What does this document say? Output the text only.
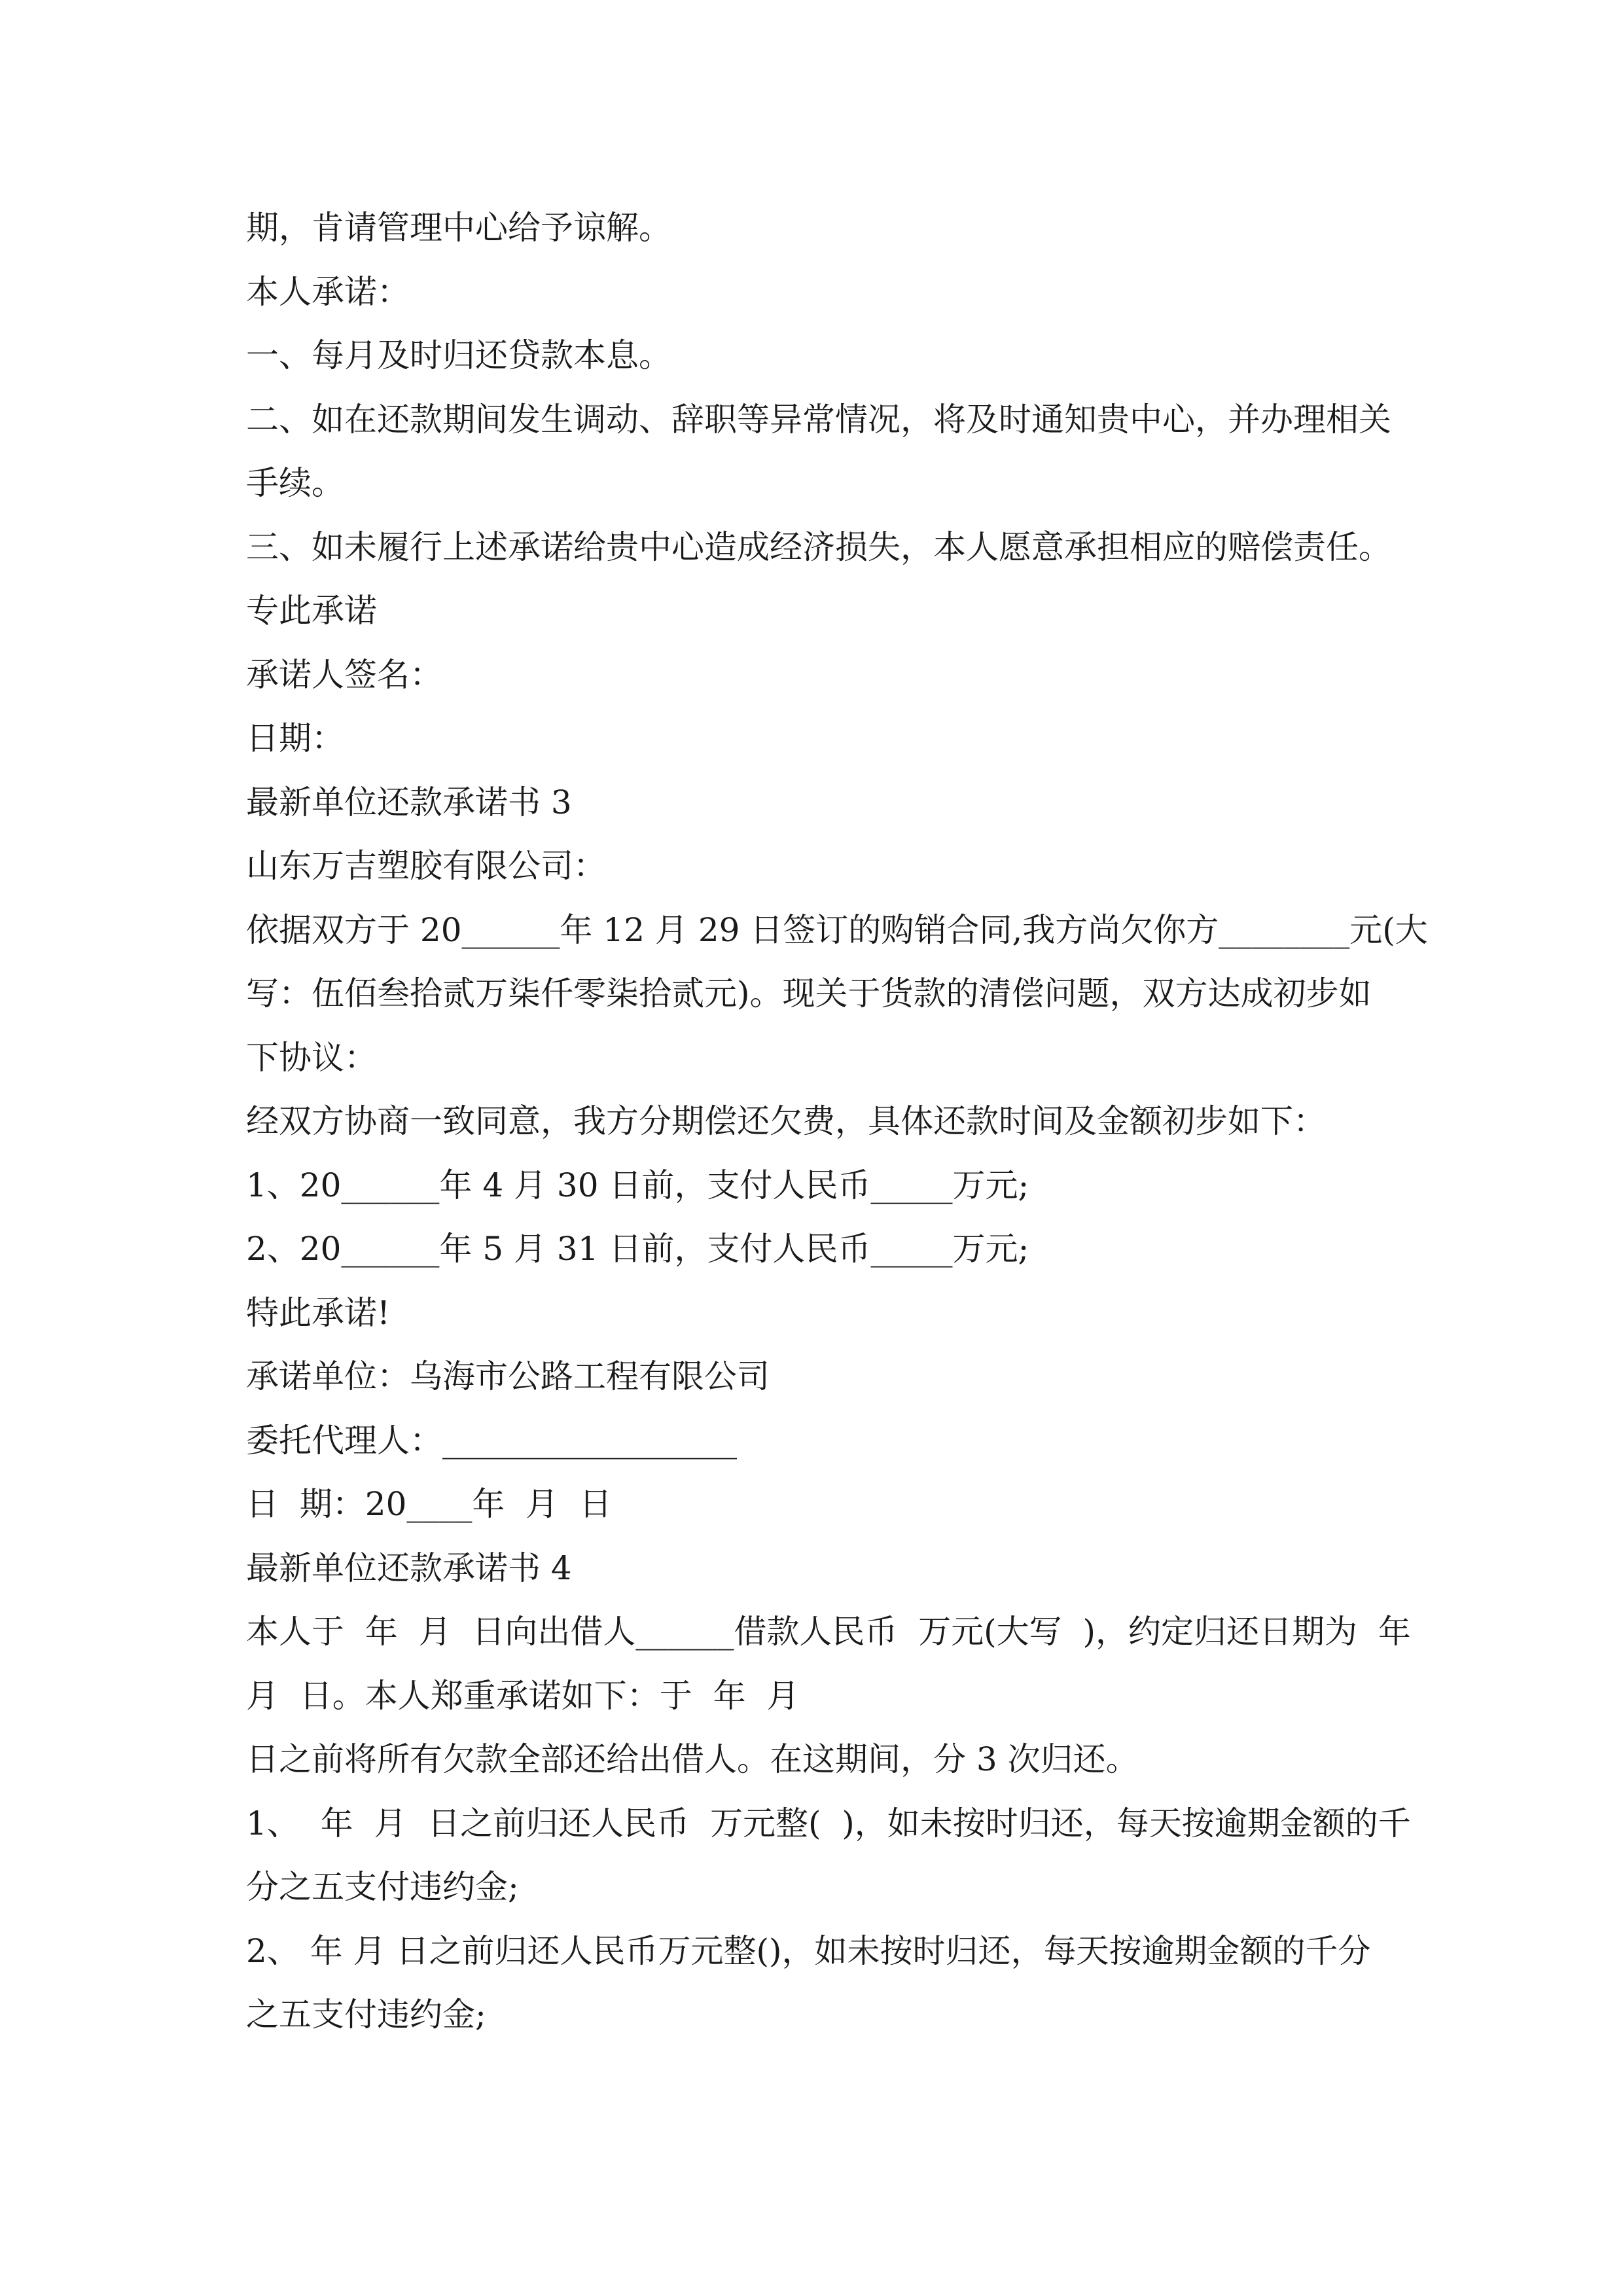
期，肯请管理中心给予谅解。
本人承诺：
一、每月及时归还贷款本息。
二、如在还款期间发生调动、辞职等异常情况，将及时通知贵中心，并办理相关
手续。
三、如未履行上述承诺给贵中心造成经济损失，本人愿意承担相应的赔偿责任。
专此承诺
承诺人签名：
日期：
最新单位还款承诺书 3
山东万吉塑胶有限公司：
依据双方于 20______年 12 月 29 日签订的购销合同,我方尚欠你方________元(大
写：伍佰叁拾贰万柒仟零柒拾贰元)。现关于货款的清偿问题，双方达成初步如
下协议：
经双方协商一致同意，我方分期偿还欠费，具体还款时间及金额初步如下：
1、20______年 4 月 30 日前，支付人民币_____万元;
2、20______年 5 月 31 日前，支付人民币_____万元;
特此承诺!
承诺单位：乌海市公路工程有限公司
委托代理人：__________________
日  期：20____年  月  日
最新单位还款承诺书 4
本人于  年  月  日向出借人______借款人民币  万元(大写  )，约定归还日期为  年
月  日。本人郑重承诺如下：于  年  月
日之前将所有欠款全部还给出借人。在这期间，分 3 次归还。
1、  年  月  日之前归还人民币  万元整(  )，如未按时归还，每天按逾期金额的千
分之五支付违约金;
2、 年 月 日之前归还人民币万元整()，如未按时归还，每天按逾期金额的千分
之五支付违约金;
